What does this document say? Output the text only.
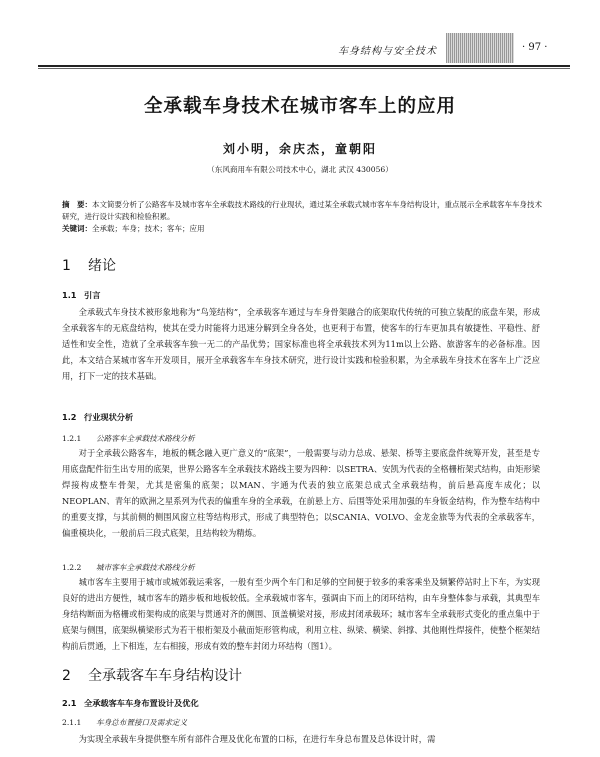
车身结构与安全技术	· 97 ·
全承载车身技术在城市客车上的应用
刘小明，余庆杰，童朝阳
（东风商用车有限公司技术中心，湖北 武汉 430056）
摘　要：本文简要分析了公路客车及城市客车全承载技术路线的行业现状，通过某全承载式城市客车车身结构设计，重点展示全承载客车车身技术研究，进行设计实践和检验积累。
关键词：全承载；车身；技术；客车；应用
1 绪论
1.1 引言

全承载式车身技术被形象地称为“鸟笼结构”，全承载客车通过与车身骨架融合的底架取代传统的可独立装配的底盘车架，形成全承载客车的无底盘结构，使其在受力时能将力迅速分解到全身各处，也更利于布置，使客车的行车更加具有敏捷性、平稳性、舒适性和安全性，造就了全承载客车独一无二的产品优势；国家标准也将全承载技术列为11m以上公路、旅游客车的必备标准。因此，本文结合某城市客车开发项目，展开全承载客车车身技术研究，进行设计实践和检验积累，为全承载车身技术在客车上广泛应用，打下一定的技术基础。

1.2 行业现状分析
1.2.1 公路客车全承载技术路线分析

对于全承载公路客车，地板的概念融入更广意义的“底架”，一般需要与动力总成、悬架、桥等主要底盘件统筹开发，甚至是专用底盘配件衍生出专用的底架，世界公路客车全承载技术路线主要为四种：以SETRA、安凯为代表的全格栅桁架式结构，由矩形梁焊接构成整车骨架，尤其是密集的底架；以MAN、宇通为代表的独立底架总成式全承载结构，前后悬高度车成化；以NEOPLAN、青年的欧洲之星系列为代表的偏重车身的全承载，在前悬上方、后围等处采用加强的车身钣金结构，作为整车结构中的重要支撑，与其前侧的侧围风窗立柱等结构形式，形成了典型特色；以SCANIA、VOLVO、金龙金旅等为代表的全承载客车，偏重模块化，一般前后三段式底架，且结构较为精炼。

1.2.2 城市客车全承载技术路线分析

城市客车主要用于城市或城郊载运乘客，一般有至少两个车门和足够的空间便于较多的乘客乘坐及频繁停站时上下车，为实现良好的进出方便性，城市客车的踏步板和地板较低。全承载城市客车，强调由下而上的闭环结构，由车身整体参与承载，其典型车身结构断面为格栅或桁架构成的底架与贯通对齐的侧围、顶盖横梁对接，形成封闭承载环；城市客车全承载形式变化的重点集中于底架与侧围，底架纵横梁形式为若干根桁架及小截面矩形管构成，利用立柱、纵梁、横梁、斜撑、其他刚性焊接件，使整个框架结构前后贯通，上下相连，左右相接，形成有效的整车封闭力环结构（图1）。

2 全承载客车车身结构设计
2.1 全承载客车车身布置设计及优化
2.1.1 车身总布置接口及需求定义

为实现全承载车身提供整车所有部件合理及优化布置的口标，在进行车身总布置及总体设计时，需
